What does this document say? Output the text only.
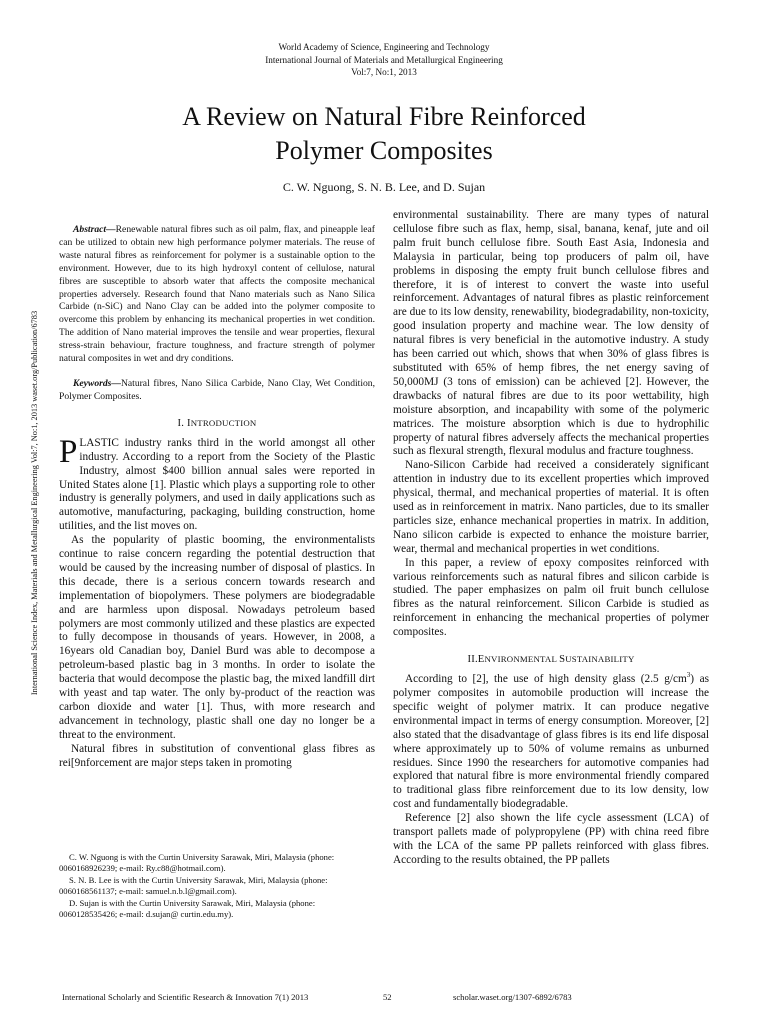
International Science Index, Materials and Metallurgical Engineering Vol:7, No:1, 2013 waset.org/Publication/6783
World Academy of Science, Engineering and Technology
International Journal of Materials and Metallurgical Engineering
Vol:7, No:1, 2013
A Review on Natural Fibre Reinforced
Polymer Composites
C. W. Nguong, S. N. B. Lee, and D. Sujan

Abstract—Renewable natural fibres such as oil palm, flax, and pineapple leaf can be utilized to obtain new high performance polymer materials. The reuse of waste natural fibres as reinforcement for polymer is a sustainable option to the environment. However, due to its high hydroxyl content of cellulose, natural fibres are susceptible to absorb water that affects the composite mechanical properties adversely. Research found that Nano materials such as Nano Silica Carbide (n-SiC) and Nano Clay can be added into the polymer composite to overcome this problem by enhancing its mechanical properties in wet condition. The addition of Nano material improves the tensile and wear properties, flexural stress-strain behaviour, fracture toughness, and fracture strength of polymer natural composites in wet and dry conditions.

Keywords—Natural fibres, Nano Silica Carbide, Nano Clay, Wet Condition, Polymer Composites.

I. INTRODUCTION

PLASTIC industry ranks third in the world amongst all other industry. According to a report from the Society of the Plastic Industry, almost $400 billion annual sales were reported in United States alone [1]. Plastic which plays a supporting role to other industry is generally polymers, and used in daily applications such as automotive, manufacturing, packaging, building construction, home utilities, and the list moves on.

As the popularity of plastic booming, the environmentalists continue to raise concern regarding the potential destruction that would be caused by the increasing number of disposal of plastics. In this decade, there is a serious concern towards research and implementation of biopolymers. These polymers are biodegradable and are harmless upon disposal. Nowadays petroleum based polymers are most commonly utilized and these plastics are expected to fully decompose in thousands of years. However, in 2008, a 16years old Canadian boy, Daniel Burd was able to decompose a petroleum-based plastic bag in 3 months. In order to isolate the bacteria that would decompose the plastic bag, the mixed landfill dirt with yeast and tap water. The only by-product of the reaction was carbon dioxide and water [1]. Thus, with more research and advancement in technology, plastic shall one day no longer be a threat to the environment.

Natural fibres in substitution of conventional glass fibres as rei[9nforcement are major steps taken in promoting

C. W. Nguong is with the Curtin University Sarawak, Miri, Malaysia (phone: 0060168926239; e-mail: Ry.c88@hotmail.com).

S. N. B. Lee is with the Curtin University Sarawak, Miri, Malaysia (phone: 0060168561137; e-mail: samuel.n.b.l@gmail.com).

D. Sujan is with the Curtin University Sarawak, Miri, Malaysia (phone: 0060128535426; e-mail: d.sujan@ curtin.edu.my).

environmental sustainability. There are many types of natural cellulose fibre such as flax, hemp, sisal, banana, kenaf, jute and oil palm fruit bunch cellulose fibre. South East Asia, Indonesia and Malaysia in particular, being top producers of palm oil, have problems in disposing the empty fruit bunch cellulose fibres and therefore, it is of interest to convert the waste into useful reinforcement. Advantages of natural fibres as plastic reinforcement are due to its low density, renewability, biodegradability, non-toxicity, good insulation property and machine wear. The low density of natural fibres is very beneficial in the automotive industry. A study has been carried out which, shows that when 30% of glass fibres is substituted with 65% of hemp fibres, the net energy saving of 50,000MJ (3 tons of emission) can be achieved [2]. However, the drawbacks of natural fibres are due to its poor wettability, high moisture absorption, and incapability with some of the polymeric matrices. The moisture absorption which is due to hydrophilic property of natural fibres adversely affects the mechanical properties such as flexural strength, flexural modulus and fracture toughness.

Nano-Silicon Carbide had received a considerately significant attention in industry due to its excellent properties which improved physical, thermal, and mechanical properties of material. It is often used as in reinforcement in matrix. Nano particles, due to its smaller particles size, enhance mechanical properties in matrix. In addition, Nano silicon carbide is expected to enhance the moisture barrier, wear, thermal and mechanical properties in wet conditions.

In this paper, a review of epoxy composites reinforced with various reinforcements such as natural fibres and silicon carbide is studied. The paper emphasizes on palm oil fruit bunch cellulose fibres as the natural reinforcement. Silicon Carbide is studied as reinforcement in enhancing the mechanical properties of polymer composites.

II.ENVIRONMENTAL SUSTAINABILITY

According to [2], the use of high density glass (2.5 $g/cm^3$) as polymer composites in automobile production will increase the specific weight of polymer matrix. It can produce negative environmental impact in terms of energy consumption. Moreover, [2] also stated that the disadvantage of glass fibres is its end life disposal where approximately up to 50% of volume remains as unburned residues. Since 1990 the researchers for automotive companies had explored that natural fibre is more environmental friendly compared to traditional glass fibre reinforcement due to its low density, low cost and fundamentally biodegradable.

Reference [2] also shown the life cycle assessment (LCA) of transport pallets made of polypropylene (PP) with china reed fibre with the LCA of the same PP pallets reinforced with glass fibres. According to the results obtained, the PP pallets

International Scholarly and Scientific Research & Innovation 7(1) 2013	52	scholar.waset.org/1307-6892/6783
